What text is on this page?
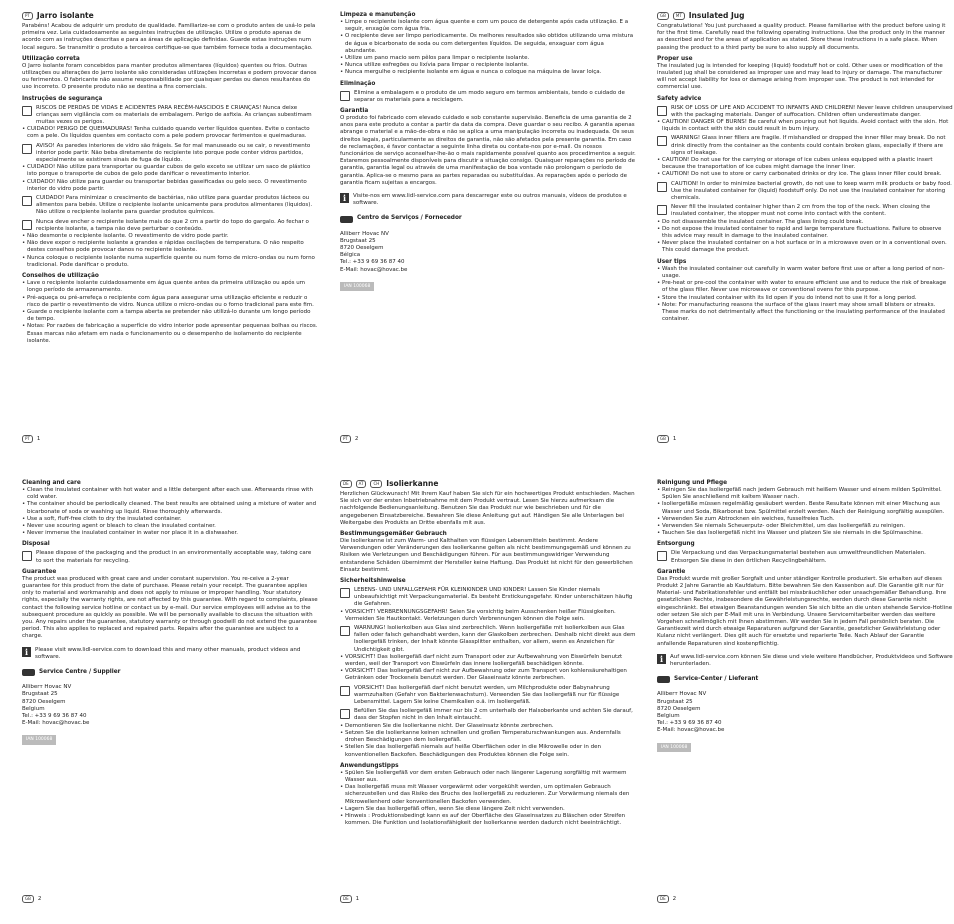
PT Jarro isolante

Parabéns! Acabou de adquirir um produto de qualidade. Familiarize-se com o produto antes de usá-lo pela primeira vez. Leia cuidadosamente as seguintes instruções de utilização. Utilize o produto apenas de acordo com as instruções descritas e para as áreas de aplicação definidas. Guarde estas instruções num local seguro. Se transmitir o produto a terceiros certifique-se que também fornece toda a documentação.

Utilização correta

O Jarro isolante foram concebidos para manter produtos alimentares (líquidos) quentes ou frios. Outras utilizações ou alterações do jarro isolante são consideradas utilizações incorretas e podem provocar danos ou ferimentos. O fabricante não assume responsabilidade por quaisquer perdas ou danos resultantes do uso incorreto. O presente produto não se destina a fins comerciais.

Instruções de segurança
RISCOS DE PERDAS DE VIDAS E ACIDENTES PARA RECÉM-NASCIDOS E CRIANÇAS! Nunca deixe crianças sem vigilância com os materiais de embalagem. Perigo de asfixia. As crianças subestimam muitas vezes os perigos.
• CUIDADO! PERIGO DE QUEIMADURAS! Tenha cuidado quando verter líquidos quentes. Evite o contacto com a pele. Os líquidos quentes em contacto com a pele podem provocar ferimentos e queimaduras.
AVISO! As paredes interiores de vidro são frágeis. Se for mal manuseado ou se cair, o revestimento interior pode partir. Não beba diretamente do recipiente isto porque pode conter vidros partidos, especialmente se existirem sinais de fuga de líquido.
• CUIDADO! Não utilize para transportar ou guardar cubos de gelo exceto se utilizar um saco de plástico isto porque o transporte de cubos de gelo pode danificar o revestimento interior.
• CUIDADO! Não utilize para guardar ou transportar bebidas gaseificadas ou gelo seco. O revestimento interior do vidro pode partir.
CUIDADO! Para minimizar o crescimento de bactérias, não utilize para guardar produtos lácteos ou alimentos para bebés. Utilize o recipiente isolante unicamente para produtos alimentares (líquidos). Não utilize o recipiente isolante para guardar produtos químicos.
Nunca deve encher o recipiente isolante mais do que 2 cm a partir do topo do gargalo. Ao fechar o recipiente isolante, a tampa não deve perturbar o conteúdo.
• Não desmonte o recipiente isolante. O revestimento de vidro pode partir.
• Não deve expor o recipiente isolante a grandes e rápidas oscilações de temperatura. O não respeito destes conselhos pode provocar danos no recipiente isolante.
• Nunca coloque o recipiente isolante numa superfície quente ou num forno de micro-ondas ou num forno tradicional. Pode danificar o produto.
Conselhos de utilização
• Lave o recipiente isolante cuidadosamente em água quente antes da primeira utilização ou após um longo período de armazenamento.
• Pré-aqueça ou pré-arrefeça o recipiente com água para assegurar uma utilização eficiente e reduzir o risco de partir o revestimento de vidro. Nunca utilize o micro-ondas ou o forno tradicional para este fim.
• Guarde o recipiente isolante com a tampa aberta se pretender não utilizá-lo durante um longo período de tempo.
• Notas: Por razões de fabricação a superfície do vidro interior pode apresentar pequenas bolhas ou riscos. Essas marcas não afetam em nada o funcionamento ou o desempenho de isolamento do recipiente isolante.
PT	1
Limpeza e manutenção
• Limpe o recipiente isolante com água quente e com um pouco de detergente após cada utilização. E a seguir, enxagúe com água fria.
• O recipiente deve ser limpo periodicamente. Os melhores resultados são obtidos utilizando uma mistura de água e bicarbonato de soda ou com detergentes líquidos. De seguida, enxaguar com água abundante.
• Utilize um pano macio sem pêlos para limpar o recipiente isolante.
• Nunca utilize esfregões ou lixívia para limpar o recipiente isolante.
• Nunca mergulhe o recipiente isolante em água e nunca o coloque na máquina de lavar loiça.
Eliminação
Elimine a embalagem e o produto de um modo seguro em termos ambientais, tendo o cuidado de separar os materiais para a reciclagem.
Garantia

O produto foi fabricado com elevado cuidado e sob constante supervisão. Beneficia de uma garantia de 2 anos para este produto a contar a partir da data da compra. Deve guardar o seu recibo. A garantia apenas abrange o material e a mão-de-obra e não se aplica a uma manipulação incorreta ou inadequada. Os seus direitos legais, particularmente as direitos de garantia, não são afetados pela presente garantia. Em caso de reclamações, é favor contactar a seguinte linha direta ou contate-nos por e-mail. Os nossos funcionários de serviço aconselhar-lhe-ão o mais rapidamente possível quanto aos procedimentos a seguir. Estaremos pessoalmente disponíveis para discutir a situação consigo. Quaisquer reparações no período de garantia, garantia legal ou através de uma manifestação de boa vontade não prolongam o período de garantia. Aplica-se o mesmo para as partes reparadas ou substituídas. As reparações após o período de garantia ficam sujeitas a encargos.

i	Visite-nos em www.lidl-service.com para descarregar este ou outros manuais, vídeos de produtos e software.
Centro de Serviços / Fornecedor
Alliberг Hovac NV
Brugstaat 25
8720 Oeselgem
Bélgica
Tel.: +33 9 69 36 87 40
E-Mail: hovac@hovac.be
IAN 100068
PT	2
GB	MT Insulated Jug

Congratulations! You just purchased a quality product. Please familiarise with the product before using it for the first time. Carefully read the following operating instructions. Use the product only in the manner as described and for the areas of application as stated. Store these instructions in a safe place. When passing the product to a third party be sure to also supply all documents.

Proper use

The insulated jug is intended for keeping (liquid) foodstuff hot or cold. Other uses or modification of the insulated jug shall be considered as improper use and may lead to injury or damage. The manufacturer will not accept liability for loss or damage arising from improper use. The product is not intended for commercial use.

Safety advice
RISK OF LOSS OF LIFE AND ACCIDENT TO INFANTS AND CHILDREN! Never leave children unsupervised with the packaging materials. Danger of suffocation. Children often underestimate danger.
• CAUTION! DANGER OF BURNS! Be careful when pouring out hot liquids. Avoid contact with the skin. Hot liquids in contact with the skin could result in burn injury.
WARNING! Glass inner fillers are fragile. If mishandled or dropped the inner filler may break. Do not drink directly from the container as the contents could contain broken glass, especially if there are signs of leakage.
• CAUTION! Do not use for the carrying or storage of ice cubes unless equipped with a plastic insert because the transportation of ice cubes might damage the inner liner.
• CAUTION! Do not use to store or carry carbonated drinks or dry ice. The glass inner filler could break.
CAUTION! In order to minimize bacterial growth, do not use to keep warm milk products or baby food. Use the insulated container for (liquid) foodstuff only. Do not use the insulated container for storing chemicals.
Never fill the insulated container higher than 2 cm from the top of the neck. When closing the insulated container, the stopper must not come into contact with the content.
• Do not disassemble the insulated container. The glass lining could break.
• Do not expose the insulated container to rapid and large temperature fluctuations. Failure to observe this advice may result in damage to the insulated container.
• Never place the insulated container on a hot surface or in a microwave oven or in a conventional oven. This could damage the product.
User tips
• Wash the insulated container out carefully in warm water before first use or after a long period of non-usage.
• Pre-heat or pre-cool the container with water to ensure efficient use and to reduce the risk of breakage of the glass filler. Never use microwave or conventional ovens for this purpose.
• Store the insulated container with its lid open if you do intend not to use it for a long period.
• Note: For manufacturing reasons the surface of the glass insert may show small blisters or streaks. These marks do not detrimentally affect the functioning or the insulating performance of the insulated container.
GB	1
Cleaning and care
• Clean the insulated container with hot water and a little detergent after each use. Afterwards rinse with cold water.
• The container should be periodically cleaned. The best results are obtained using a mixture of water and bicarbonate of soda or washing up liquid. Rinse thoroughly afterwards.
• Use a soft, fluff-free cloth to dry the insulated container.
• Never use scouring agent or bleach to clean the insulated container.
• Never immerse the insulated container in water nor place it in a dishwasher.
Disposal
Please dispose of the packaging and the product in an environmentally acceptable way, taking care to sort the materials for recycling.
Guarantee

The product was produced with great care and under constant supervision. You re-ceive a 2-year guarantee for this product from the date of purchase. Please retain your receipt. The guarantee applies only to material and workmanship and does not apply to misuse or improper handling. Your statutory rights, especially the warranty rights, are not affected by this guarantee. With regard to complaints, please contact the following service hotline or contact us by e-mail. Our service employees will advise as to the subsequent procedure as quickly as possible. We will be personally available to discuss the situation with you. Any repairs under the guarantee, statutory warranty or through goodwill do not extend the guarantee period. This also applies to replaced and repaired parts. Repairs after the guarantee are subject to a charge.

i	Please visit www.lidl-service.com to download this and many other manuals, product videos and software.
Service Centre / Supplier
Alliberт Hovac NV
Brugstaat 25
8720 Oeselgem
Belgium
Tel.: +33 9 69 36 87 40
E-Mail: hovac@hovac.be
IAN 100068
GB	2
DE	AT	CH Isolierkanne

Herzlichen Glückwunsch! Mit Ihrem Kauf haben Sie sich für ein hochwertiges Produkt entschieden. Machen Sie sich vor der ersten Inbetriebnahme mit dem Produkt vertraut. Lesen Sie hierzu aufmerksam die nachfolgende Bedienungsanleitung. Benutzen Sie das Produkt nur wie beschrieben und für die angegebenen Einsatzbereiche. Bewahren Sie diese Anleitung gut auf. Händigen Sie alle Unterlagen bei Weitergabe des Produkts an Dritte ebenfalls mit aus.

Bestimmungsgemäßer Gebrauch

Die Isolierkanne ist zum Warm- und Kalthalten von flüssigen Lebensmitteln bestimmt. Andere Verwendungen oder Veränderungen des Isolierkanne gelten als nicht bestimmungsgemäß und können zu Risiken wie Verletzungen und Beschädigungen führen. Für aus bestimmungswidriger Verwendung entstandene Schäden übernimmt der Hersteller keine Haftung. Das Produkt ist nicht für den gewerblichen Einsatz bestimmt.

Sicherheitshinweise
LEBENS- UND UNFALLGEFAHR FÜR KLEINKINDER UND KINDER! Lassen Sie Kinder niemals unbeaufsichtigt mit Verpackungsmaterial. Es besteht Erstickungsgefahr. Kinder unterschätzen häufig die Gefahren.
• VORSICHT! VERBRENNUNGSGEFAHR! Seien Sie vorsichtig beim Ausschenken heißer Flüssigkeiten. Vermeiden Sie Hautkontakt. Verletzungen durch Verbrennungen können die Folge sein.
WARNUNG! Isolierkolben aus Glas sind zerbrechlich. Wenn Isoliergefäße mit Isolierkolben aus Glas fallen oder falsch gehandhabt werden, kann der Glaskolben zerbrechen. Deshalb nicht direkt aus dem Isoliergefäß trinken, der Inhalt könnte Glassplitter enthalten, vor allem, wenn es Anzeichen für Undichtigkeit gibt.
• VORSICHT! Das Isoliergefäß darf nicht zum Transport oder zur Aufbewahrung von Eiswürfeln benutzt werden, weil der Transport von Eiswürfeln das innere Isoliergefäß beschädigen könnte.
• VORSICHT! Das Isoliergefäß darf nicht zur Aufbewahrung oder zum Transport von kohlensäurehaltigen Getränken oder Trockeneis benutzt werden. Der Glaseinsatz könnte zerbrechen.
VORSICHT! Das Isoliergefäß darf nicht benutzt werden, um Milchprodukte oder Babynahrung warmzuhalten (Gefahr von Bakterienwachstum). Verwenden Sie das Isoliergefäß nur für flüssige Lebensmittel. Lagern Sie keine Chemikalien o.ä. im Isoliergefäß.
Befüllen Sie das Isoliergefäß immer nur bis 2 cm unterhalb der Halsoberkante und achten Sie darauf, dass der Stopfen nicht in den Inhalt eintaucht.
• Demontieren Sie die Isolierkanne nicht. Der Glaseinsatz könnte zerbrechen.
• Setzen Sie die Isolierkanne keinen schnellen und großen Temperaturschwankungen aus. Andernfalls drohen Beschädigungen dem Isoliergefäß.
• Stellen Sie das Isoliergefäß niemals auf heiße Oberflächen oder in die Mikrowelle oder in den konventionellen Backofen. Beschädigungen des Produktes können die Folge sein.
Anwendungstipps
• Spülen Sie Isoliergefäß vor dem ersten Gebrauch oder nach längerer Lagerung sorgfältig mit warmem Wasser aus.
• Das Isoliergefäß muss mit Wasser vorgewärmt oder vorgekühlt werden, um optimalen Gebrauch sicherzustellen und das Risiko des Bruchs des Isoliergefäß zu reduzieren. Zur Vorwärmung niemals den Mikrowellenherd oder konventionellen Backofen verwenden.
• Lagern Sie das Isoliergefäß offen, wenn Sie diese längere Zeit nicht verwenden.
• Hinweis : Produktionsbedingt kann es auf der Oberfläche des Glaseinsatzes zu Bläschen oder Streifen kommen. Die Funktion und Isolationsfähigkeit der Isolierkanne werden dadurch nicht beeinträchtigt.
DE	1
Reinigung und Pflege
• Reinigen Sie das Isoliergefäß nach jedem Gebrauch mit heißem Wasser und einem milden Spülmittel. Spülen Sie anschließend mit kaltem Wasser nach.
• Isoliergefäße müssen regelmäßig gesäubert werden. Beste Resultate können mit einer Mischung aus Wasser und Soda, Bikarbonat bzw. Spülmittel erzielt werden. Nach der Reinigung sorgfältig ausspülen.
• Verwenden Sie zum Abtrocknen ein weiches, fusselfreies Tuch.
• Verwenden Sie niemals Scheuerputz- oder Bleichmittel, um das Isoliergefäß zu reinigen.
• Tauchen Sie das Isoliergefäß nicht ins Wasser und platzen Sie sie niemals in die Spülmaschine.
Entsorgung
Die Verpackung und das Verpackungsmaterial bestehen aus umweltfreundlichen Materialen. Entsorgen Sie diese in den örtlichen Recyclingbehältern.
Garantie

Das Produkt wurde mit großer Sorgfalt und unter ständiger Kontrolle produziert. Sie erhalten auf dieses Produkt 2 Jahre Garantie ab Kaufdatum. Bitte bewahren Sie den Kassenbon auf. Die Garantie gilt nur für Material- und Fabrikationsfehler und entfällt bei missbräuchlicher oder unsachgemäßer Behandlung. Ihre gesetzlichen Rechte, insbesondere die Gewährleistungsrechte, werden durch diese Garantie nicht eingeschränkt. Bei etwaigen Beanstandungen wenden Sie sich bitte an die unten stehende Service-Hotline oder setzen Sie sich per E-Mail mit uns in Verbindung. Unsere Servicemitarbeiter werden das weitere Vorgehen schnellmöglich mit Ihnen abstimmen. Wir werden Sie in jedem Fall persönlich beraten. Die Garantiezeit wird durch etwaige Reparaturen aufgrund der Garantie, gesetzlicher Gewährleistung oder Kulanz nicht verlängert. Dies gilt auch für ersetzte und reparierte Teile. Nach Ablauf der Garantie anfallende Reparaturen sind kostenpflichtig.

i	Auf www.lidl-service.com können Sie diese und viele weitere Handbücher, Produktvideos und Software herunterladen.
Service-Center / Lieferant
Alliberт Hovac NV
Brugstaat 25
8720 Oeselgem
Belgium
Tel.: +33 9 69 36 87 40
E-Mail: hovac@hovac.be
IAN 100068
DE	2
